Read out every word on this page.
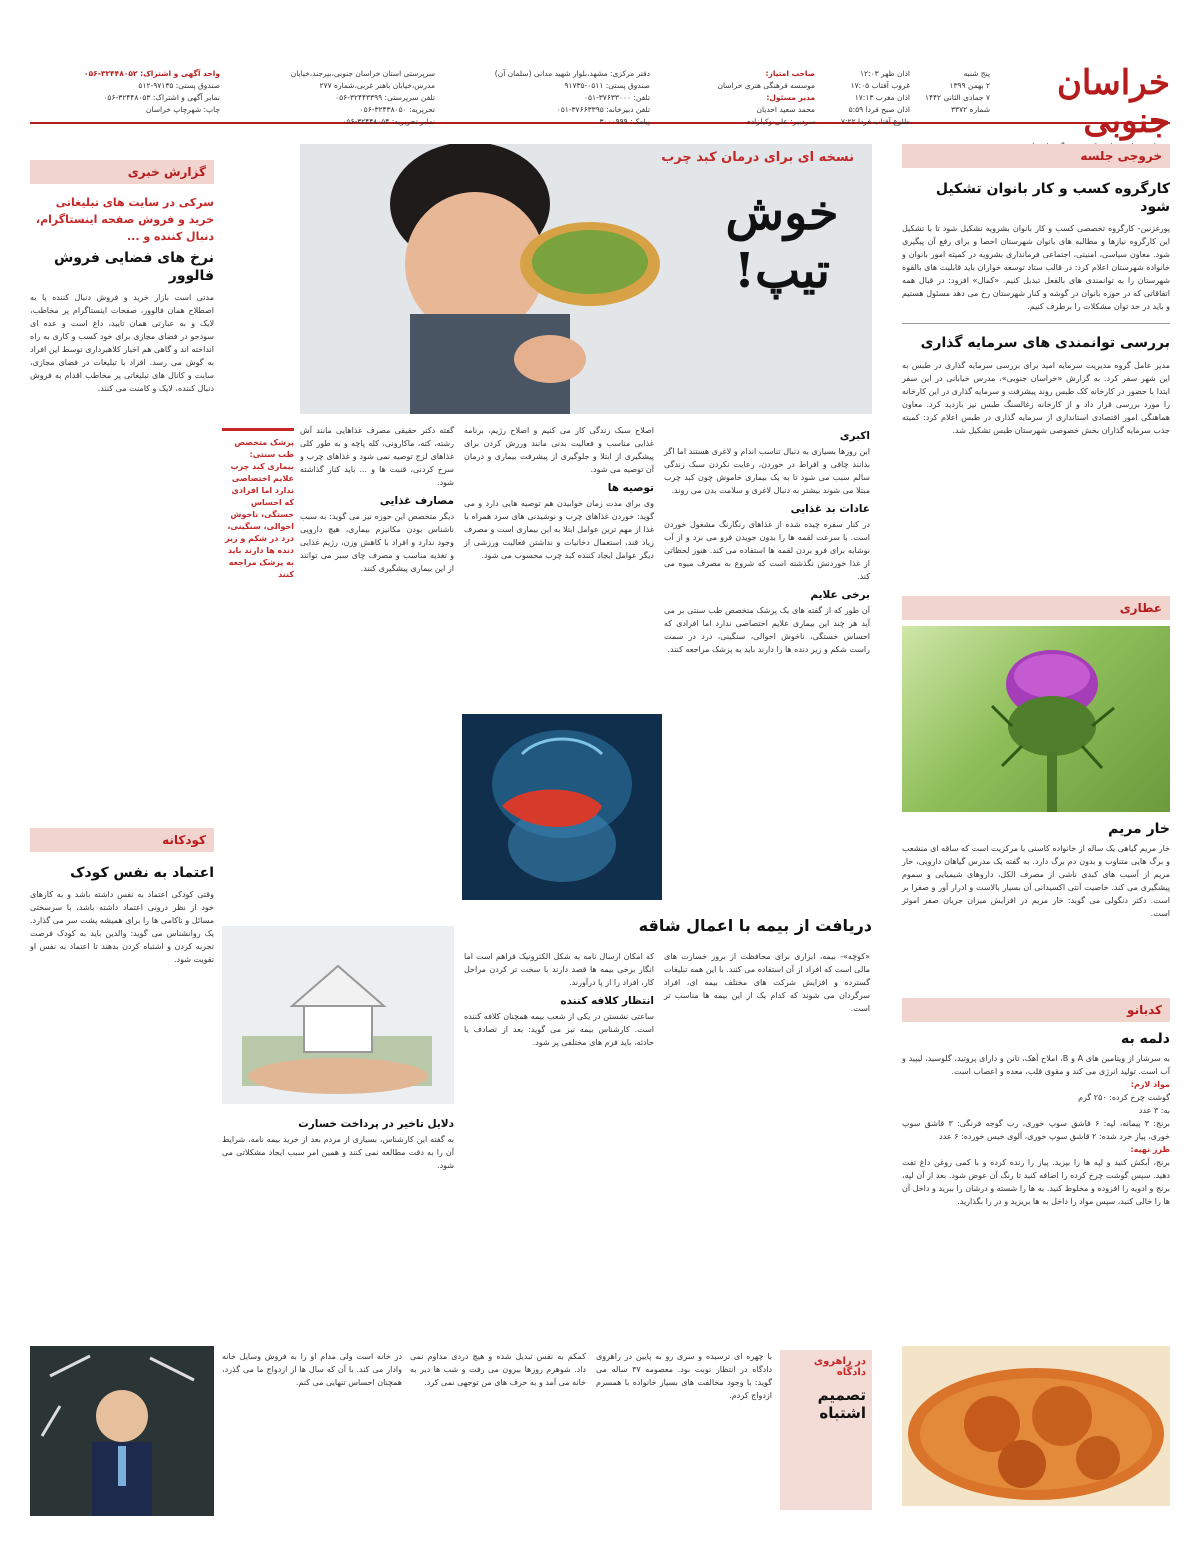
خراسان جنوبی
پنج شنبه
۲ بهمن ۱۳۹۹
۷ جمادی الثانی ۱۴۴۲
شماره ۳۳۷۲
اذان ظهر ۱۲:۰۳
غروب آفتاب ۱۷:۰۵
اذان مغرب ۱۷:۱۳
اذان صبح فردا ۵:۵۹
طلوع آفتاب فردا ۷:۲۲
صاحب امتیاز:
موسسه فرهنگی هنری خراسان
مدیر مسئول:
محمد سعید احدیان
سردبیر: علی وکیلزاده
دفتر مرکزی: مشهد،بلوار شهید مدانی (سلمان آن)
صندوق پستی: ۰۵۱۱-۹۱۷۳۵
تلفن: ۳۷۶۳۳۰۰۰-۰۵۱
تلفن دبیرخانه: ۳۷۶۶۳۳۹۵-۰۵۱
پیامک: ۳۰۰۰۹۹۹
سرپرستی استان خراسان جنوبی،بیرجند،خیابان
مدرس،خیابان باهنر غربی،شماره ۲۷۷
تلفن سرپرستی: ۳۲۴۴۳۳۹۹-۰۵۶
تحریریه: ۳۲۴۳۸۰۵۰-۰۵۶
نمابر تحریریه: ۳۲۴۴۸۰۵۴-۰۵۶
واحد آگهی و اشتراک: ۳۲۴۴۸۰۵۲-۰۵۶
صندوق پستی: ۹۷۱۳۵-۵۱۲
نمابر آگهی و اشتراک: ۳۲۴۴۸۰۵۳-۰۵۶
چاپ: شهرچاپ خراسان
خروجی جلسه
کارگروه کسب و کار بانوان تشکیل شود
پورغزنین- کارگروه تخصصی کسب و کار بانوان بشرویه تشکیل شود تا با تشکیل این کارگروه نیازها و مطالبه های بانوان شهرستان احصا و برای رفع آن پیگیری شود. معاون سیاسی، امنیتی، اجتماعی فرمانداری بشرویه در کمیته امور بانوان و خانواده شهرستان اعلام کرد: در قالب ستاد توسعه خواران باید قابلیت های بالقوه شهرستان را به توانمندی های بالفعل تبدیل کنیم. «کمال» افزود: در قبال همه اتفاقاتی که در حوزه بانوان در گوشه و کنار شهرستان رخ می دهد مسئول هستیم و باید در حد توان مشکلات را برطرف کنیم.
بررسی توانمندی های سرمایه گذاری
مدیر عامل گروه مدیریت سرمایه امید برای بررسی سرمایه گذاری در طبس به این شهر سفر کرد. به گزارش «خراسان جنوبی»، مدرس خیابانی در این سفر ابتدا با حضور در کارخانه کک طبس روند پیشرفت و سرمایه گذاری در این کارخانه را مورد بررسی قرار داد و از کارخانه زغالسنگ طبس نیز بازدید کرد. معاون هماهنگی امور اقتصادی استانداری از سرمایه گذاری در طبس اعلام کرد: کمیته جذب سرمایه گذاران بخش خصوصی شهرستان طبس تشکیل شد.
عطاری
خار مریم
خار مریم گیاهی یک ساله از خانواده کاسنی با مرکزیت است که ساقه ای منشعب و برگ هایی متناوب و بدون دم برگ دارد. به گفته یک مدرس گیاهان دارویی، خار مریم از آسیب های کبدی ناشی از مصرف الکل، داروهای شیمیایی و سموم پیشگیری می کند. خاصیت آنتی اکسیدانی آن بسیار بالاست و ادرار آور و صفرا بر است. دکتر دنگولی می گوید: خار مریم در افزایش میزان جریان صفر اموثر است.
کدبانو
دلمه به
به سرشار از ویتامین های A و B، املاح آهک، تانن و دارای پروتید، گلوسید، لیپید و آب است. تولید انرژی می کند و مقوی قلب، معده و اعصاب است.
مواد لازم:
گوشت چرخ کرده: ۲۵۰ گرم
به: ۳ عدد
برنج: ۳ پیمانه، لپه: ۶ قاشق سوپ خوری، رب گوجه فرنگی: ۳ قاشق سوپ خوری، پیاز خرد شده: ۲ قاشق سوپ خوری، آلوی خیس خورده: ۶ عدد
طرز تهیه:
برنج، آبکش کنید و لپه ها را بپزید. پیاز را رنده کرده و با کمی روغن داغ تفت دهید. سپس گوشت چرخ کرده را اضافه کنید تا رنگ آن عوض شود. بعد از آن لپه، برنج و ادویه را افزوده و مخلوط کنید. به ها را شسته و درشان را ببرید و داخل آن ها را خالی کنید، سپس مواد را داخل به ها بریزید و در را بگذارید.
نسخه ای برای درمان کبد چرب
خوش تیپ!
اکبری
این روزها بسیاری به دنبال تناسب اندام و لاغری هستند اما اگر بدانند چاقی و افراط در خوردن، رعایت نکردن سبک زندگی سالم سبب می شود تا به یک بیماری خاموش چون کبد چرب مبتلا می شوند بیشتر به دنبال لاغری و سلامت بدن می روند.
عادات بد غذایی
در کنار سفره چیده شده از غذاهای رنگارنگ مشغول خوردن است. با سرعت لقمه ها را بدون جویدن فرو می برد و از آب نوشابه برای فرو بردن لقمه ها استفاده می کند. هنوز لحظاتی از غذا خوردنش نگذشته است که شروع به مصرف میوه می کند.
برخی علایم
آن طور که از گفته های یک پزشک متخصص طب سنتی بر می آید هر چند این بیماری علایم اختصاصی ندارد اما افرادی که احساس خستگی، ناخوش احوالی، سنگینی، درد در سمت راست شکم و زیر دنده ها را دارند باید به پزشک مراجعه کنند.
اصلاح سبک زندگی کار می کنیم و اصلاح رژیم، برنامه غذایی مناسب و فعالیت بدنی مانند ورزش کردن برای پیشگیری از ابتلا و جلوگیری از پیشرفت بیماری و درمان آن توصیه می شود.
توصیه ها
وی برای مدت زمان خوابیدن هم توصیه هایی دارد و می گوید: خوردن غذاهای چرب و نوشیدنی های سرد همراه با غذا از مهم ترین عوامل ابتلا به این بیماری است و مصرف زیاد قند، استعمال دخانیات و نداشتن فعالیت ورزشی از دیگر عوامل ایجاد کننده کبد چرب محسوب می شود.
گفته دکتر حقیقی مصرف غذاهایی مانند آش رشته، کته، ماکارونی، کله پاچه و به طور کلی غذاهای لزج توصیه نمی شود و غذاهای چرب و سرخ کردنی، قنبت ها و ... باید کنار گذاشته شود.
مصارف غذایی
دیگر متخصص این حوزه نیز می گوید: به سبب ناشناس بودن مکانیزم بیماری، هیچ دارویی وجود ندارد و افراد با کاهش وزن، رژیم غذایی و تغذیه مناسب و مصرف چای سبز می توانند از این بیماری پیشگیری کنند.
پزشک متخصص طب سنتی: بیماری کبد چرب علایم اختصاصی ندارد اما افرادی که احساس خستگی، ناخوش احوالی، سنگینی، درد در شکم و زیر دنده ها دارند باید به پزشک مراجعه کنند
دریافت از بیمه با اعمال شاقه
«کوچه»- بیمه، ابزاری برای محافظت از بروز خسارت های مالی است که افراد از آن استفاده می کنند. با این همه تبلیغات گسترده و افزایش شرکت های مختلف بیمه ای، افراد سرگردان می شوند که کدام یک از این بیمه ها مناسب تر است.
که امکان ارسال نامه به شکل الکترونیک فراهم است اما انگار برخی بیمه ها قصد دارند با سخت تر کردن مراحل کار، افراد را از پا درآورند.
انتظار کلافه کننده
ساعتی نشستن در یکی از شعب بیمه همچنان کلافه کننده است. کارشناس بیمه نیز می گوید: بعد از تصادف یا حادثه، باید فرم های مختلفی پر شود.
دلایل تاخیر در پرداخت خسارت
به گفته این کارشناس، بسیاری از مردم بعد از خرید بیمه نامه، شرایط آن را به دقت مطالعه نمی کنند و همین امر سبب ایجاد مشکلاتی می شود.
در راهروی دادگاه
تصمیم اشتباه
با چهره ای ترسیده و سری رو به پایین در راهروی دادگاه در انتظار نوبت بود. معصومه ۳۷ ساله می گوید: با وجود مخالفت های بسیار خانواده با همسرم ازدواج کردم.
کمکم به نفس تبدیل شده و هیچ دردی مداوم نمی داد. شوهرم روزها بیرون می رفت و شب ها دیر به خانه می آمد و به حرف های من توجهی نمی کرد.
در خانه است ولی مدام او را به فروش وسایل خانه وادار می کند. با آن که سال ها از ازدواج ما می گذرد، همچنان احساس تنهایی می کنم.
گزارش خبری
سرکی در سایت های تبلیغاتی خرید و فروش صفحه اینستاگرام، دنبال کننده و ...
نرخ های فضایی فروش فالوور
مدتی است بازار خرید و فروش دنبال کننده یا به اصطلاح همان فالوور، صفحات اینستاگرام پر مخاطب، لایک و به عبارتی همان تایید، داغ است و عده ای سودجو در فضای مجازی برای خود کسب و کاری به راه انداخته اند و گاهی هم اخبار کلاهبرداری توسط این افراد به گوش می رسد. افراد با تبلیغات در فضای مجازی، سایت و کانال های تبلیغاتی پر مخاطب اقدام به فروش دنبال کننده، لایک و کامنت می کنند.
کودکانه
اعتماد به نفس کودک
وقتی کودکی اعتماد به نفس داشته باشد و به کارهای خود از نظر درونی اعتماد داشته باشد، با سرسختی مسائل و ناکامی ها را برای همیشه پشت سر می گذارد. یک روانشناس می گوید: والدین باید به کودک فرصت تجربه کردن و اشتباه کردن بدهند تا اعتماد به نفس او تقویت شود.
